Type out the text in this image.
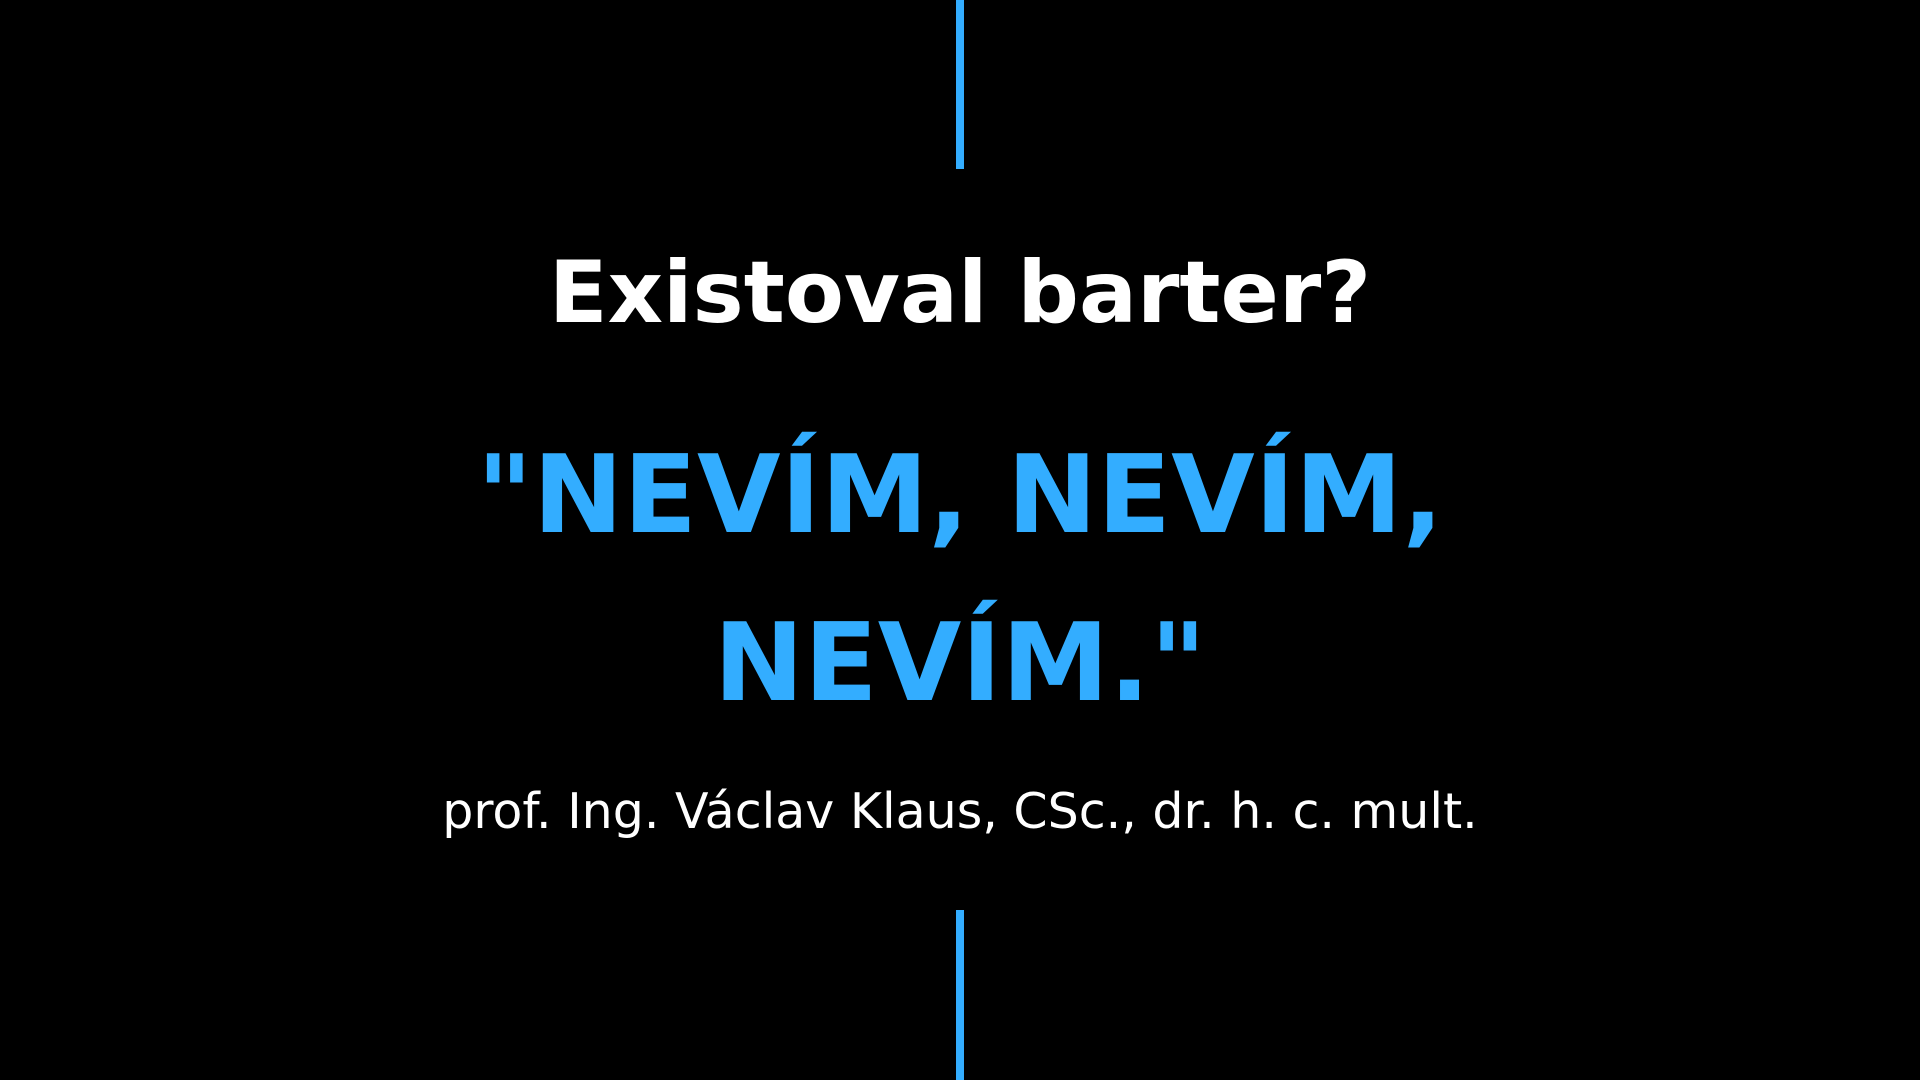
Existoval barter?
"NEVÍM, NEVÍM,
NEVÍM."
prof. Ing. Václav Klaus, CSc., dr. h. c. mult.
